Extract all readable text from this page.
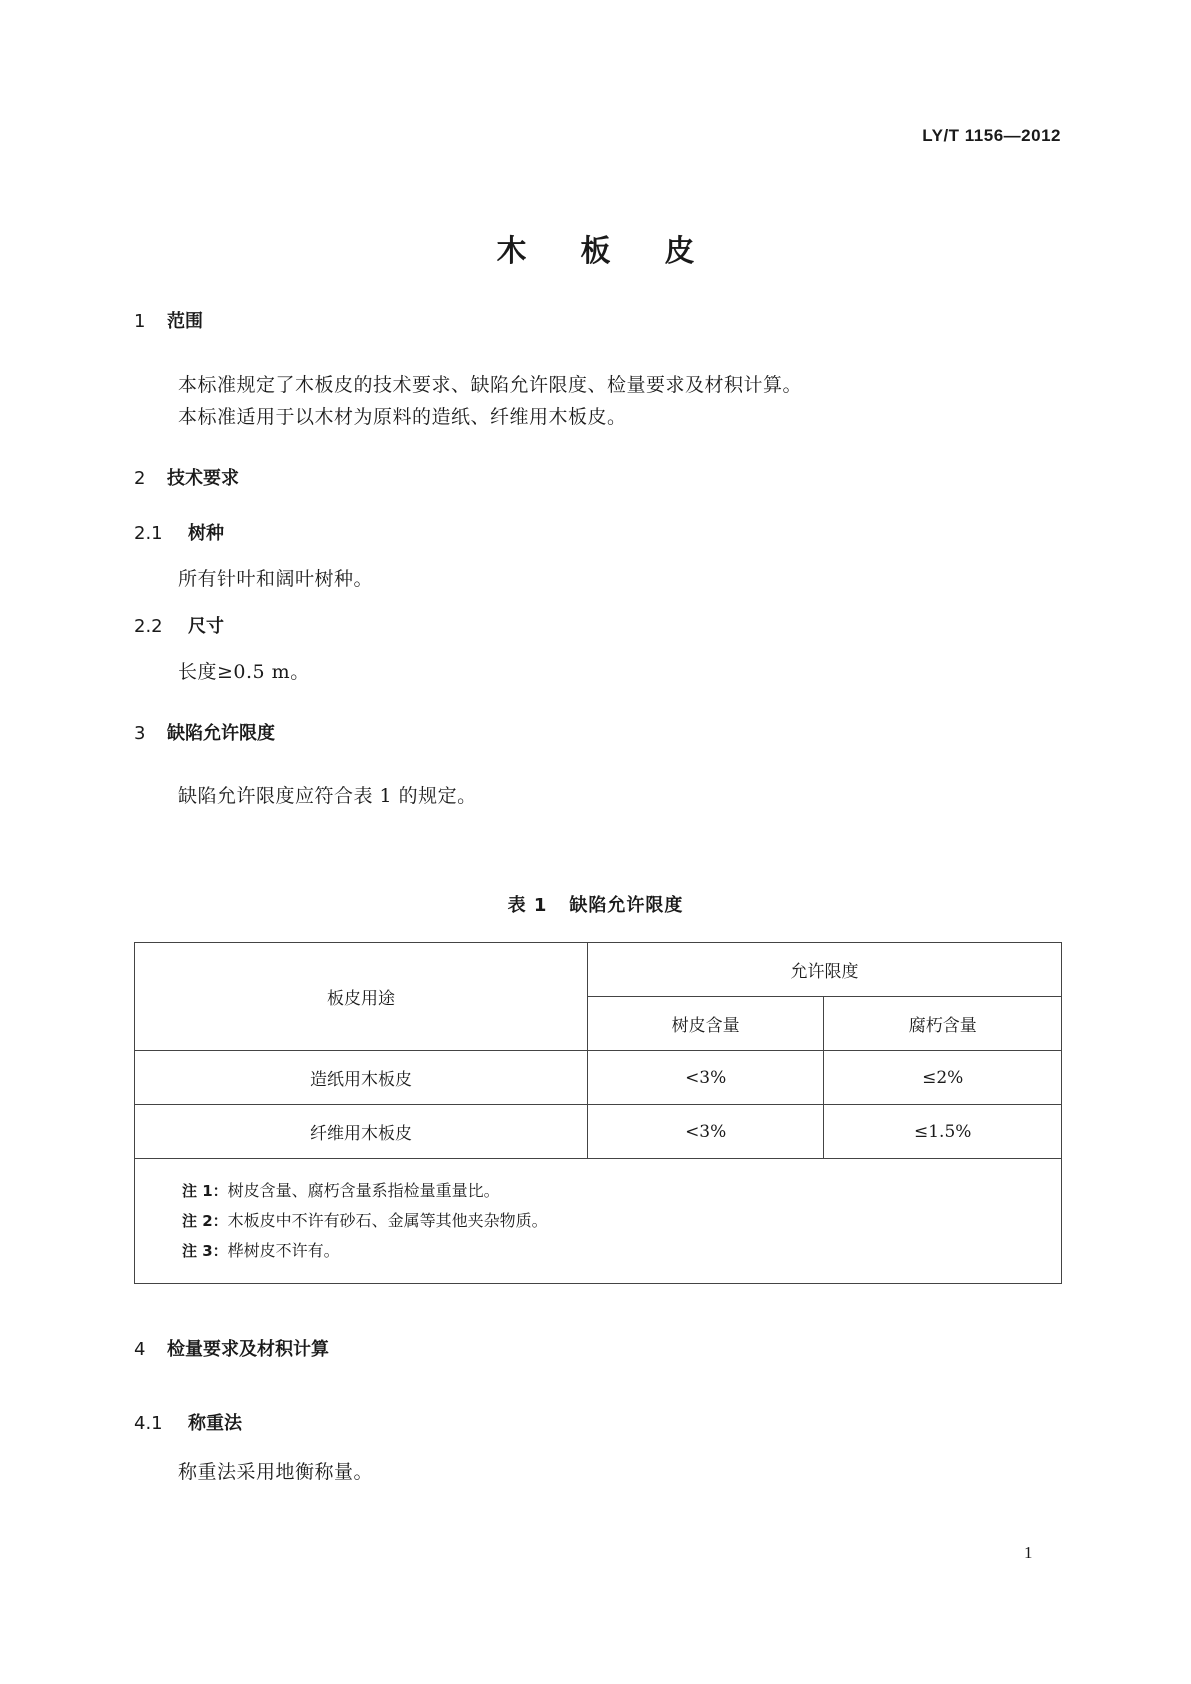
LY/T 1156—2012
木板皮
1 范围

本标准规定了木板皮的技术要求、缺陷允许限度、检量要求及材积计算。

本标准适用于以木材为原料的造纸、纤维用木板皮。

2 技术要求
2.1 树种

所有针叶和阔叶树种。

2.2 尺寸

长度≥0.5 m。

3 缺陷允许限度

缺陷允许限度应符合表 1 的规定。

表 1 缺陷允许限度
板皮用途	允许限度	
	树皮含量	腐朽含量
造纸用木板皮	<3%	≤2%
纤维用木板皮	<3%	≤1.5%

注 1：树皮含量、腐朽含量系指检量重量比。
注 2：木板皮中不许有砂石、金属等其他夹杂物质。
注 3：桦树皮不许有。		
4 检量要求及材积计算
4.1 称重法

称重法采用地衡称量。

1
